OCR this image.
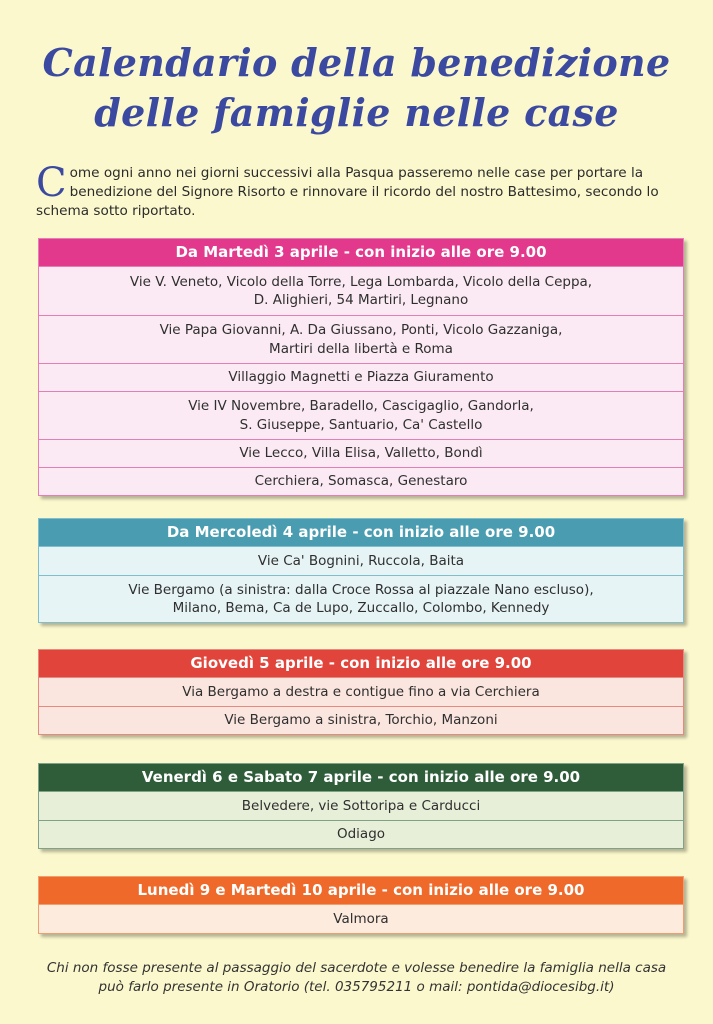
Calendario della benedizione
delle famiglie nelle case
Come ogni anno nei giorni successivi alla Pasqua passeremo nelle case per portare la benedizione del Signore Risorto e rinnovare il ricordo del nostro Battesimo, secondo lo schema sotto riportato.
Da Martedì 3 aprile - con inizio alle ore 9.00
Vie V. Veneto, Vicolo della Torre, Lega Lombarda, Vicolo della Ceppa,
D. Alighieri, 54 Martiri, Legnano
Vie Papa Giovanni, A. Da Giussano, Ponti, Vicolo Gazzaniga,
Martiri della libertà e Roma
Villaggio Magnetti e Piazza Giuramento
Vie IV Novembre, Baradello, Cascigaglio, Gandorla,
S. Giuseppe, Santuario, Ca' Castello
Vie Lecco, Villa Elisa, Valletto, Bondì
Cerchiera, Somasca, Genestaro
Da Mercoledì 4 aprile - con inizio alle ore 9.00
Vie Ca' Bognini, Ruccola, Baita
Vie Bergamo (a sinistra: dalla Croce Rossa al piazzale Nano escluso),
Milano, Bema, Ca de Lupo, Zuccallo, Colombo, Kennedy
Giovedì 5 aprile - con inizio alle ore 9.00
Via Bergamo a destra e contigue fino a via Cerchiera
Vie Bergamo a sinistra, Torchio, Manzoni
Venerdì 6 e Sabato 7 aprile - con inizio alle ore 9.00
Belvedere, vie Sottoripa e Carducci
Odiago
Lunedì 9 e Martedì 10 aprile - con inizio alle ore 9.00
Valmora
Chi non fosse presente al passaggio del sacerdote e volesse benedire la famiglia nella casa
può farlo presente in Oratorio (tel. 035795211 o mail: pontida@diocesibg.it)
